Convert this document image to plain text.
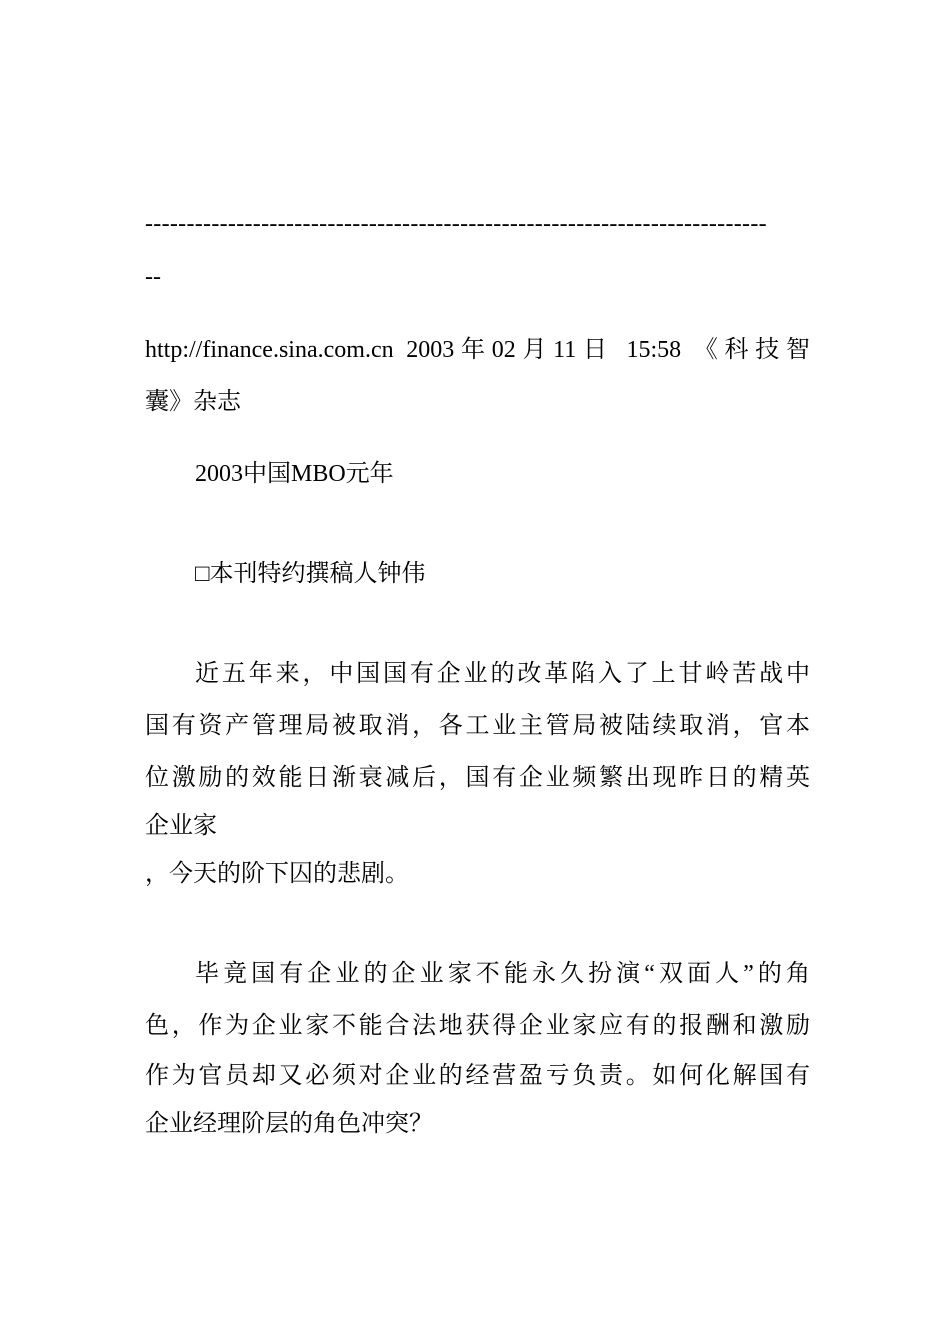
---------------------------------------------------------------------------
--
http://finance.sina.com.cn 2003年02月11日 15:58 《科技智
囊》杂志
2003中国MBO元年
□本刊特约撰稿人钟伟
近五年来，中国国有企业的改革陷入了上甘岭苦战中
国有资产管理局被取消，各工业主管局被陆续取消，官本
位激励的效能日渐衰减后，国有企业频繁出现昨日的精英
企业家
，今天的阶下囚的悲剧。
毕竟国有企业的企业家不能永久扮演“双面人”的角
色，作为企业家不能合法地获得企业家应有的报酬和激励
作为官员却又必须对企业的经营盈亏负责。如何化解国有
企业经理阶层的角色冲突？
